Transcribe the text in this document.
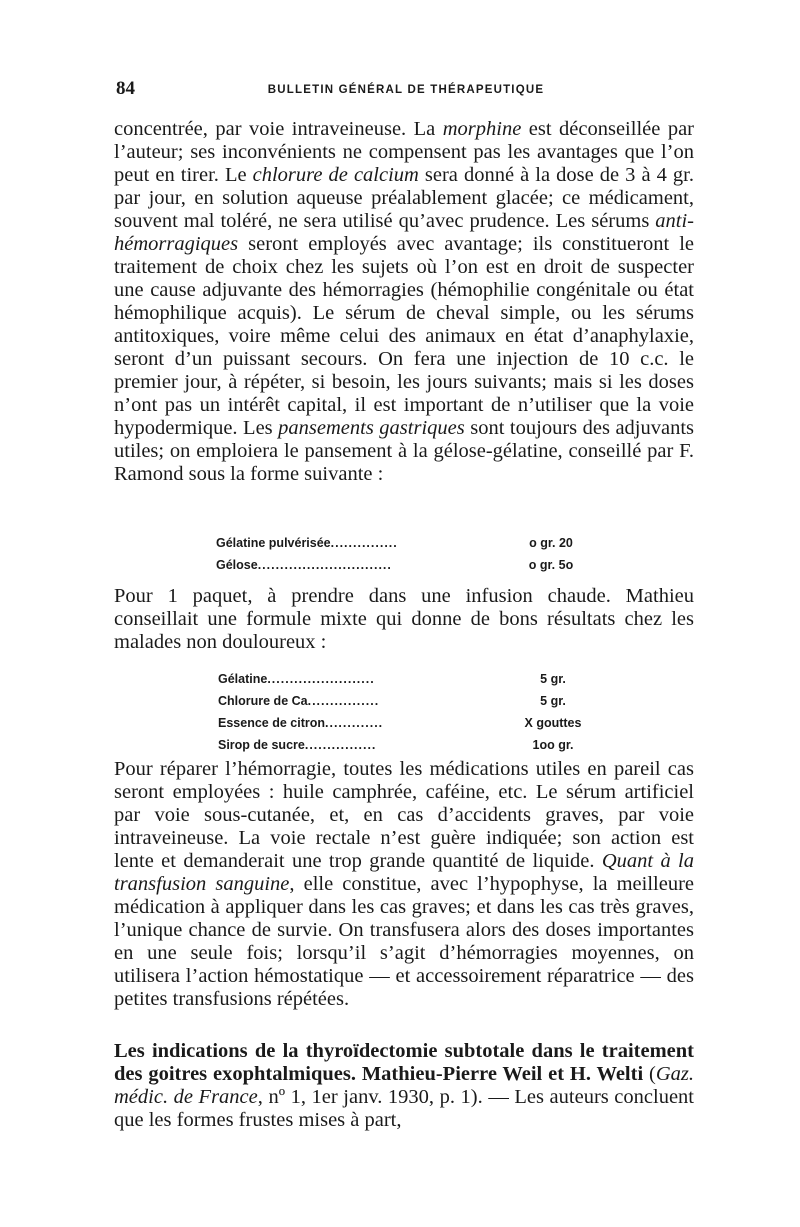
84	BULLETIN GÉNÉRAL DE THÉRAPEUTIQUE

concentrée, par voie intraveineuse. La morphine est déconseillée par l’auteur; ses inconvénients ne compensent pas les avantages que l’on peut en tirer. Le chlorure de calcium sera donné à la dose de 3 à 4 gr. par jour, en solution aqueuse préalablement glacée; ce médicament, souvent mal toléré, ne sera utilisé qu’avec prudence. Les sérums anti-hémorragiques seront employés avec avantage; ils constitueront le traitement de choix chez les sujets où l’on est en droit de suspecter une cause adjuvante des hémorragies (hémophilie congénitale ou état hémophilique acquis). Le sérum de cheval simple, ou les sérums antitoxiques, voire même celui des animaux en état d’anaphylaxie, seront d’un puissant secours. On fera une injection de 10 c.c. le premier jour, à répéter, si besoin, les jours suivants; mais si les doses n’ont pas un intérêt capital, il est important de n’utiliser que la voie hypodermique. Les pansements gastriques sont toujours des adjuvants utiles; on emploiera le pansement à la gélose-gélatine, conseillé par F. Ramond sous la forme suivante :

Gélatine pulvérisée...............	o gr. 20
Gélose..............................	o gr. 5o

Pour 1 paquet, à prendre dans une infusion chaude. Mathieu conseillait une formule mixte qui donne de bons résultats chez les malades non douloureux :

Gélatine........................	5 gr.
Chlorure de Ca................	5 gr.
Essence de citron.............	X gouttes
Sirop de sucre................	1oo gr.

Pour réparer l’hémorragie, toutes les médications utiles en pareil cas seront employées : huile camphrée, caféine, etc. Le sérum artificiel par voie sous-cutanée, et, en cas d’accidents graves, par voie intraveineuse. La voie rectale n’est guère indiquée; son action est lente et demanderait une trop grande quantité de liquide. Quant à la transfusion sanguine, elle constitue, avec l’hypophyse, la meilleure médication à appliquer dans les cas graves; et dans les cas très graves, l’unique chance de survie. On transfusera alors des doses importantes en une seule fois; lorsqu’il s’agit d’hémorragies moyennes, on utilisera l’action hémostatique — et accessoirement réparatrice — des petites transfusions répétées.

Les indications de la thyroïdectomie subtotale dans le traitement des goitres exophtalmiques. Mathieu-Pierre Weil et H. Welti (Gaz. médic. de France, nº 1, 1er janv. 1930, p. 1). — Les auteurs concluent que les formes frustes mises à part,
